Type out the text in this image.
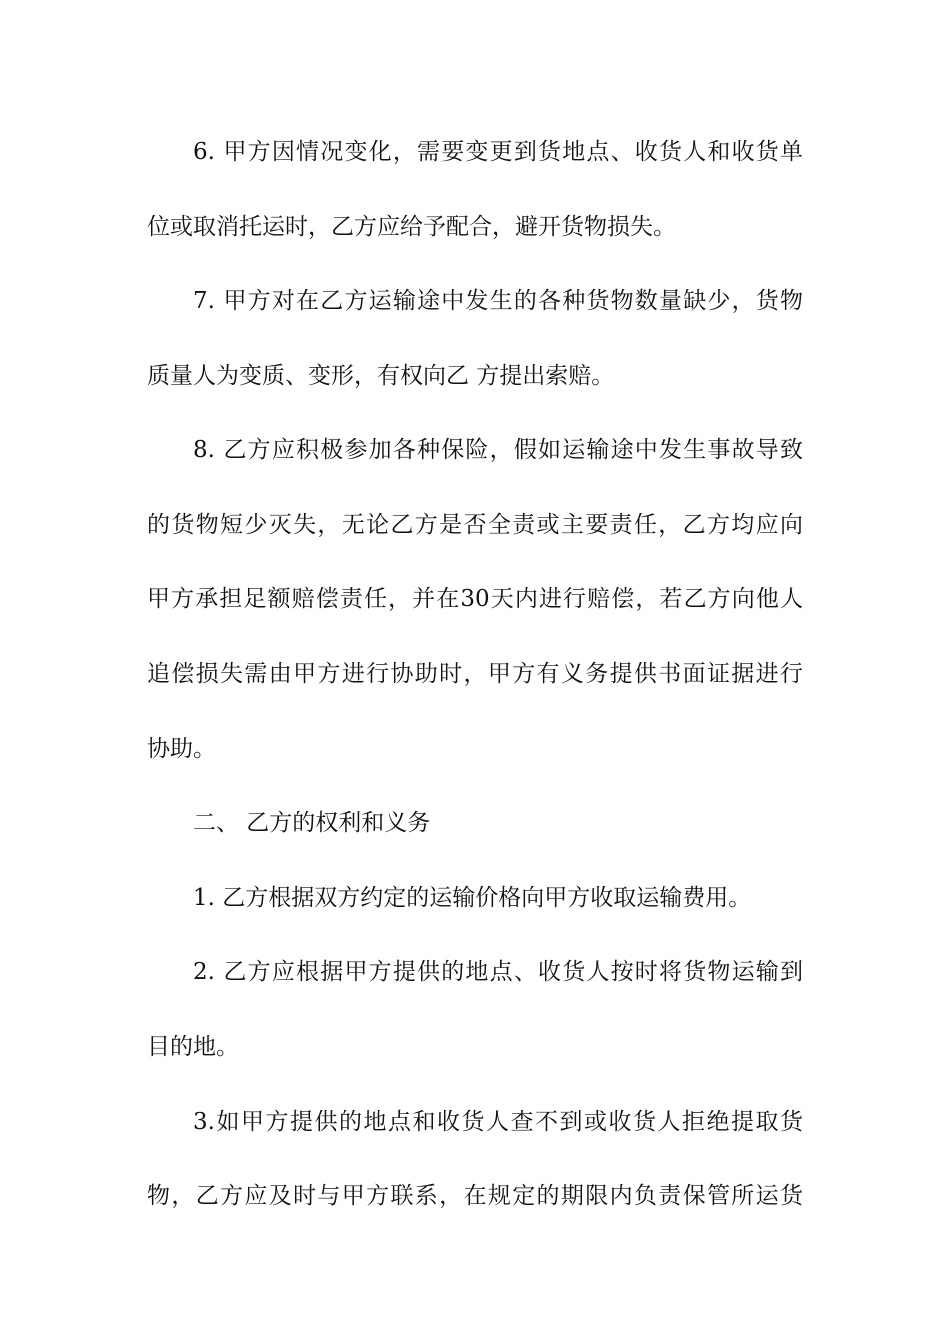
6. 甲方因情况变化，需要变更到货地点、收货人和收货单
位或取消托运时，乙方应给予配合，避开货物损失。
7. 甲方对在乙方运输途中发生的各种货物数量缺少，货物
质量人为变质、变形，有权向乙 方提出索赔。
8. 乙方应积极参加各种保险，假如运输途中发生事故导致
的货物短少灭失，无论乙方是否全责或主要责任，乙方均应向
甲方承担足额赔偿责任，并在30天内进行赔偿，若乙方向他人
追偿损失需由甲方进行协助时，甲方有义务提供书面证据进行
协助。
二、 乙方的权利和义务
1. 乙方根据双方约定的运输价格向甲方收取运输费用。
2. 乙方应根据甲方提供的地点、收货人按时将货物运输到
目的地。
3.如甲方提供的地点和收货人查不到或收货人拒绝提取货
物，乙方应及时与甲方联系，在规定的期限内负责保管所运货
